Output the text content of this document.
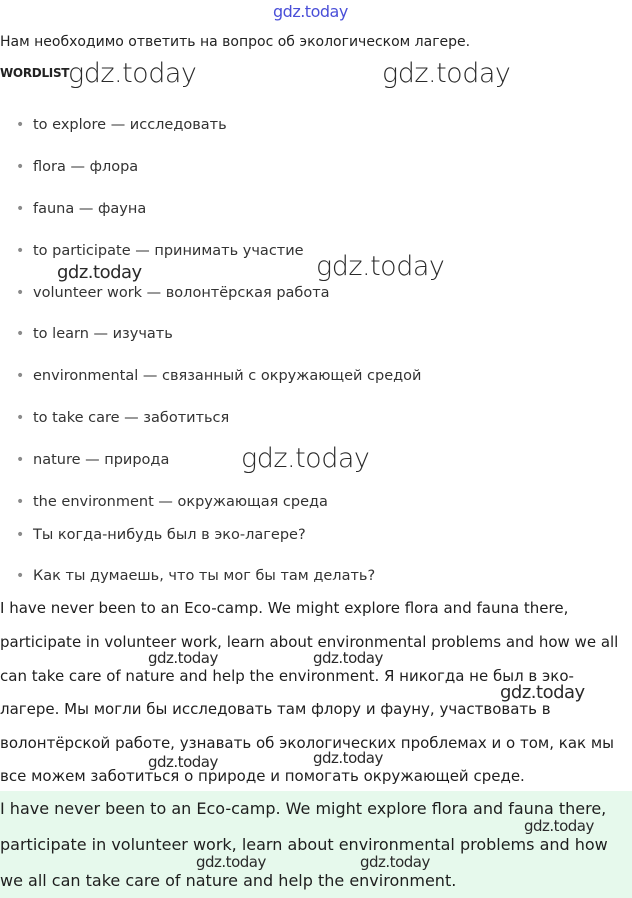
gdz.today
Нам необходимо ответить на вопрос об экологическом лагере.
WORDLIST
gdz.today	gdz.today
• to explore — исследовать
• flora — флора
• fauna — фауна
• to participate — принимать участие
• volunteer work — волонтёрская работа
• to learn — изучать
• environmental — связанный с окружающей средой
• to take care — заботиться
• nature — природа
• the environment — окружающая среда
• Ты когда-нибудь был в эко-лагере?
• Как ты думаешь, что ты мог бы там делать?
gdz.today	gdz.today
gdz.today
I have never been to an Eco-camp. We might explore flora and fauna there,
participate in volunteer work, learn about environmental problems and how we all
can take care of nature and help the environment. Я никогда не был в эко-
лагере. Мы могли бы исследовать там флору и фауну, участвовать в
волонтёрской работе, узнавать об экологических проблемах и о том, как мы
все можем заботиться о природе и помогать окружающей среде.
gdz.today	gdz.today
gdz.today
gdz.today	gdz.today
I have never been to an Eco-camp. We might explore flora and fauna there,
participate in volunteer work, learn about environmental problems and how
we all can take care of nature and help the environment.
gdz.today
gdz.today	gdz.today
